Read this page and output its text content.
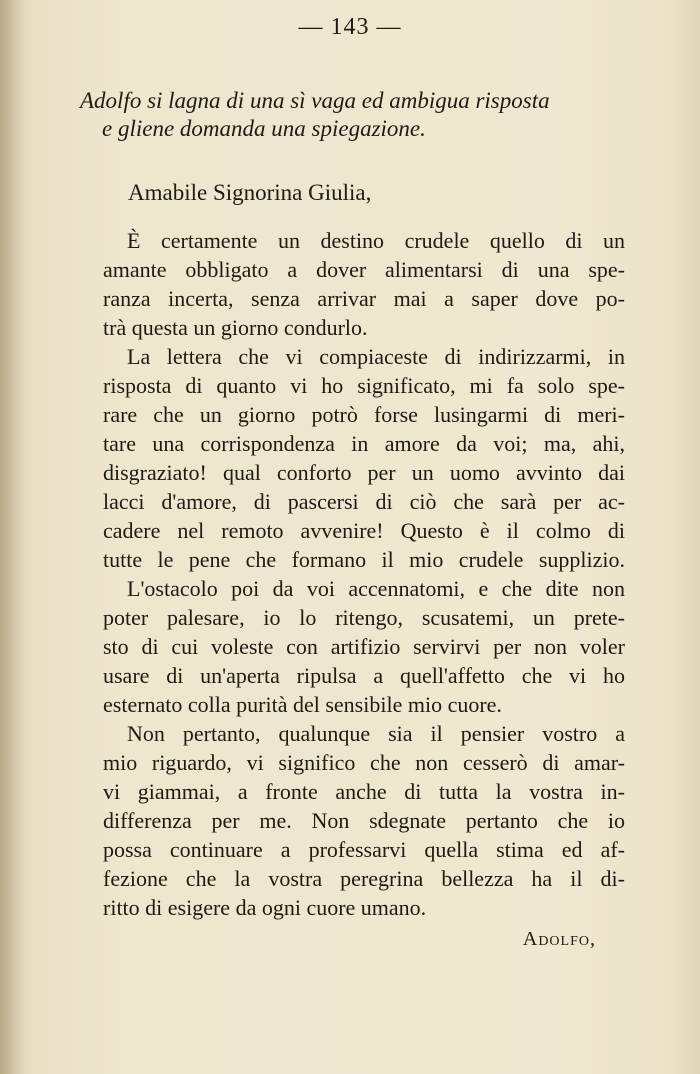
— 143 —
Adolfo si lagna di una sì vaga ed ambigua risposta
e gliene domanda una spiegazione.
Amabile Signorina Giulia,
È certamente un destino crudele quello di un
amante obbligato a dover alimentarsi di una spe-
ranza incerta, senza arrivar mai a saper dove po-
trà questa un giorno condurlo.
La lettera che vi compiaceste di indirizzarmi, in
risposta di quanto vi ho significato, mi fa solo spe-
rare che un giorno potrò forse lusingarmi di meri-
tare una corrispondenza in amore da voi; ma, ahi,
disgraziato! qual conforto per un uomo avvinto dai
lacci d'amore, di pascersi di ciò che sarà per ac-
cadere nel remoto avvenire! Questo è il colmo di
tutte le pene che formano il mio crudele supplizio.
L'ostacolo poi da voi accennatomi, e che dite non
poter palesare, io lo ritengo, scusatemi, un prete-
sto di cui voleste con artifizio servirvi per non voler
usare di un'aperta ripulsa a quell'affetto che vi ho
esternato colla purità del sensibile mio cuore.
Non pertanto, qualunque sia il pensier vostro a
mio riguardo, vi significo che non cesserò di amar-
vi giammai, a fronte anche di tutta la vostra in-
differenza per me. Non sdegnate pertanto che io
possa continuare a professarvi quella stima ed af-
fezione che la vostra peregrina bellezza ha il di-
ritto di esigere da ogni cuore umano.
Adolfo,
